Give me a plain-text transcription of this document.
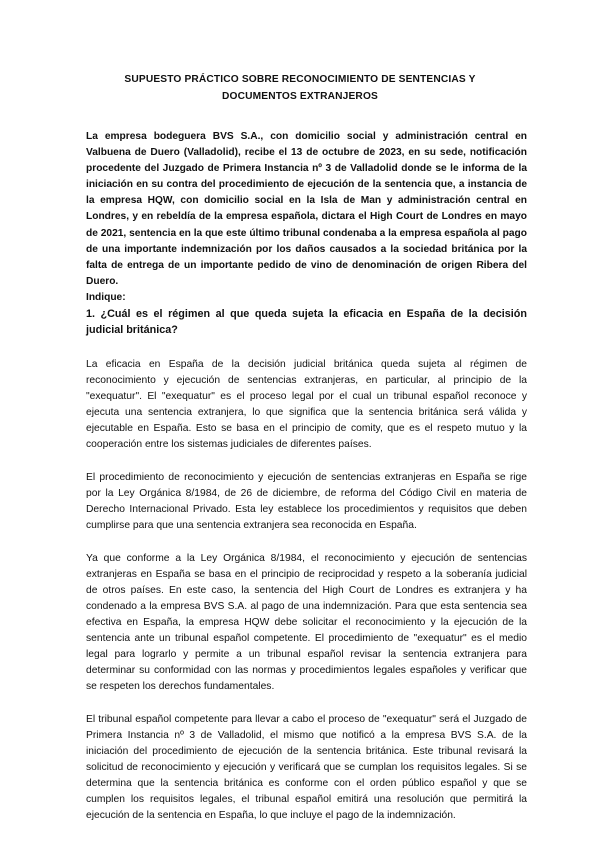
SUPUESTO PRÁCTICO SOBRE RECONOCIMIENTO DE SENTENCIAS Y
DOCUMENTOS EXTRANJEROS

La empresa bodeguera BVS S.A., con domicilio social y administración central en Valbuena de Duero (Valladolid), recibe el 13 de octubre de 2023, en su sede, notificación procedente del Juzgado de Primera Instancia nº 3 de Valladolid donde se le informa de la iniciación en su contra del procedimiento de ejecución de la sentencia que, a instancia de la empresa HQW, con domicilio social en la Isla de Man y administración central en Londres, y en rebeldía de la empresa española, dictara el High Court de Londres en mayo de 2021, sentencia en la que este último tribunal condenaba a la empresa española al pago de una importante indemnización por los daños causados a la sociedad británica por la falta de entrega de un importante pedido de vino de denominación de origen Ribera del Duero.

Indique:

1. ¿Cuál es el régimen al que queda sujeta la eficacia en España de la decisión judicial británica?

La eficacia en España de la decisión judicial británica queda sujeta al régimen de reconocimiento y ejecución de sentencias extranjeras, en particular, al principio de la "exequatur". El "exequatur" es el proceso legal por el cual un tribunal español reconoce y ejecuta una sentencia extranjera, lo que significa que la sentencia británica será válida y ejecutable en España. Esto se basa en el principio de comity, que es el respeto mutuo y la cooperación entre los sistemas judiciales de diferentes países.

El procedimiento de reconocimiento y ejecución de sentencias extranjeras en España se rige por la Ley Orgánica 8/1984, de 26 de diciembre, de reforma del Código Civil en materia de Derecho Internacional Privado. Esta ley establece los procedimientos y requisitos que deben cumplirse para que una sentencia extranjera sea reconocida en España.

Ya que conforme a la Ley Orgánica 8/1984, el reconocimiento y ejecución de sentencias extranjeras en España se basa en el principio de reciprocidad y respeto a la soberanía judicial de otros países. En este caso, la sentencia del High Court de Londres es extranjera y ha condenado a la empresa BVS S.A. al pago de una indemnización. Para que esta sentencia sea efectiva en España, la empresa HQW debe solicitar el reconocimiento y la ejecución de la sentencia ante un tribunal español competente. El procedimiento de "exequatur" es el medio legal para lograrlo y permite a un tribunal español revisar la sentencia extranjera para determinar su conformidad con las normas y procedimientos legales españoles y verificar que se respeten los derechos fundamentales.

El tribunal español competente para llevar a cabo el proceso de "exequatur" será el Juzgado de Primera Instancia nº 3 de Valladolid, el mismo que notificó a la empresa BVS S.A. de la iniciación del procedimiento de ejecución de la sentencia británica. Este tribunal revisará la solicitud de reconocimiento y ejecución y verificará que se cumplan los requisitos legales. Si se determina que la sentencia británica es conforme con el orden público español y que se cumplen los requisitos legales, el tribunal español emitirá una resolución que permitirá la ejecución de la sentencia en España, lo que incluye el pago de la indemnización.
